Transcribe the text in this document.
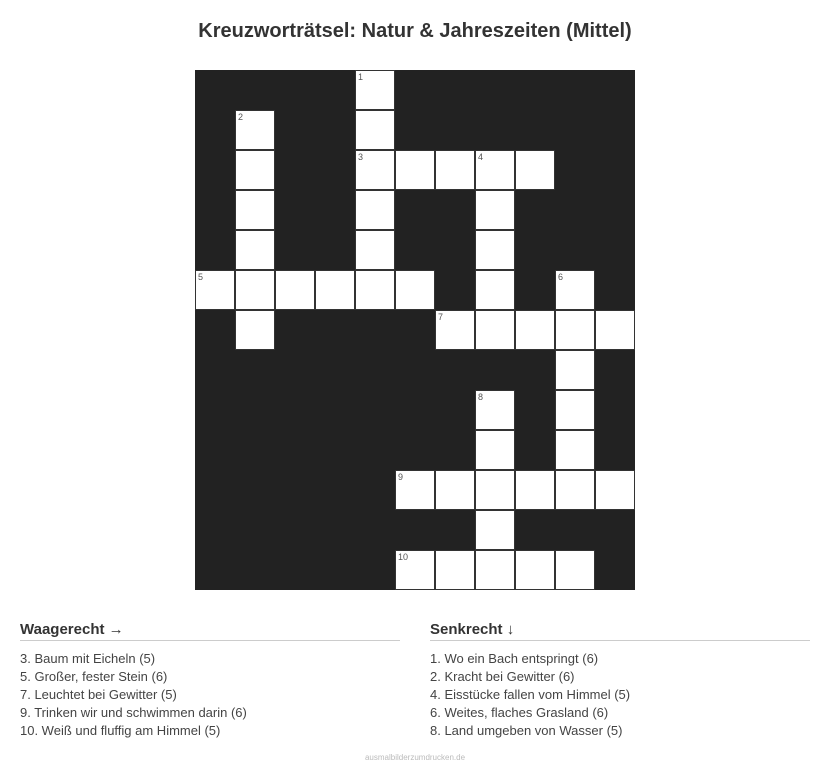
Kreuzworträtsel: Natur & Jahreszeiten (Mittel)
1
2
3	4
5	6
7
8
9
10
Waagerecht →
3. Baum mit Eicheln (5)
5. Großer, fester Stein (6)
7. Leuchtet bei Gewitter (5)
9. Trinken wir und schwimmen darin (6)
10. Weiß und fluffig am Himmel (5)
Senkrecht ↓
1. Wo ein Bach entspringt (6)
2. Kracht bei Gewitter (6)
4. Eisstücke fallen vom Himmel (5)
6. Weites, flaches Grasland (6)
8. Land umgeben von Wasser (5)
ausmalbilderzumdrucken.de
